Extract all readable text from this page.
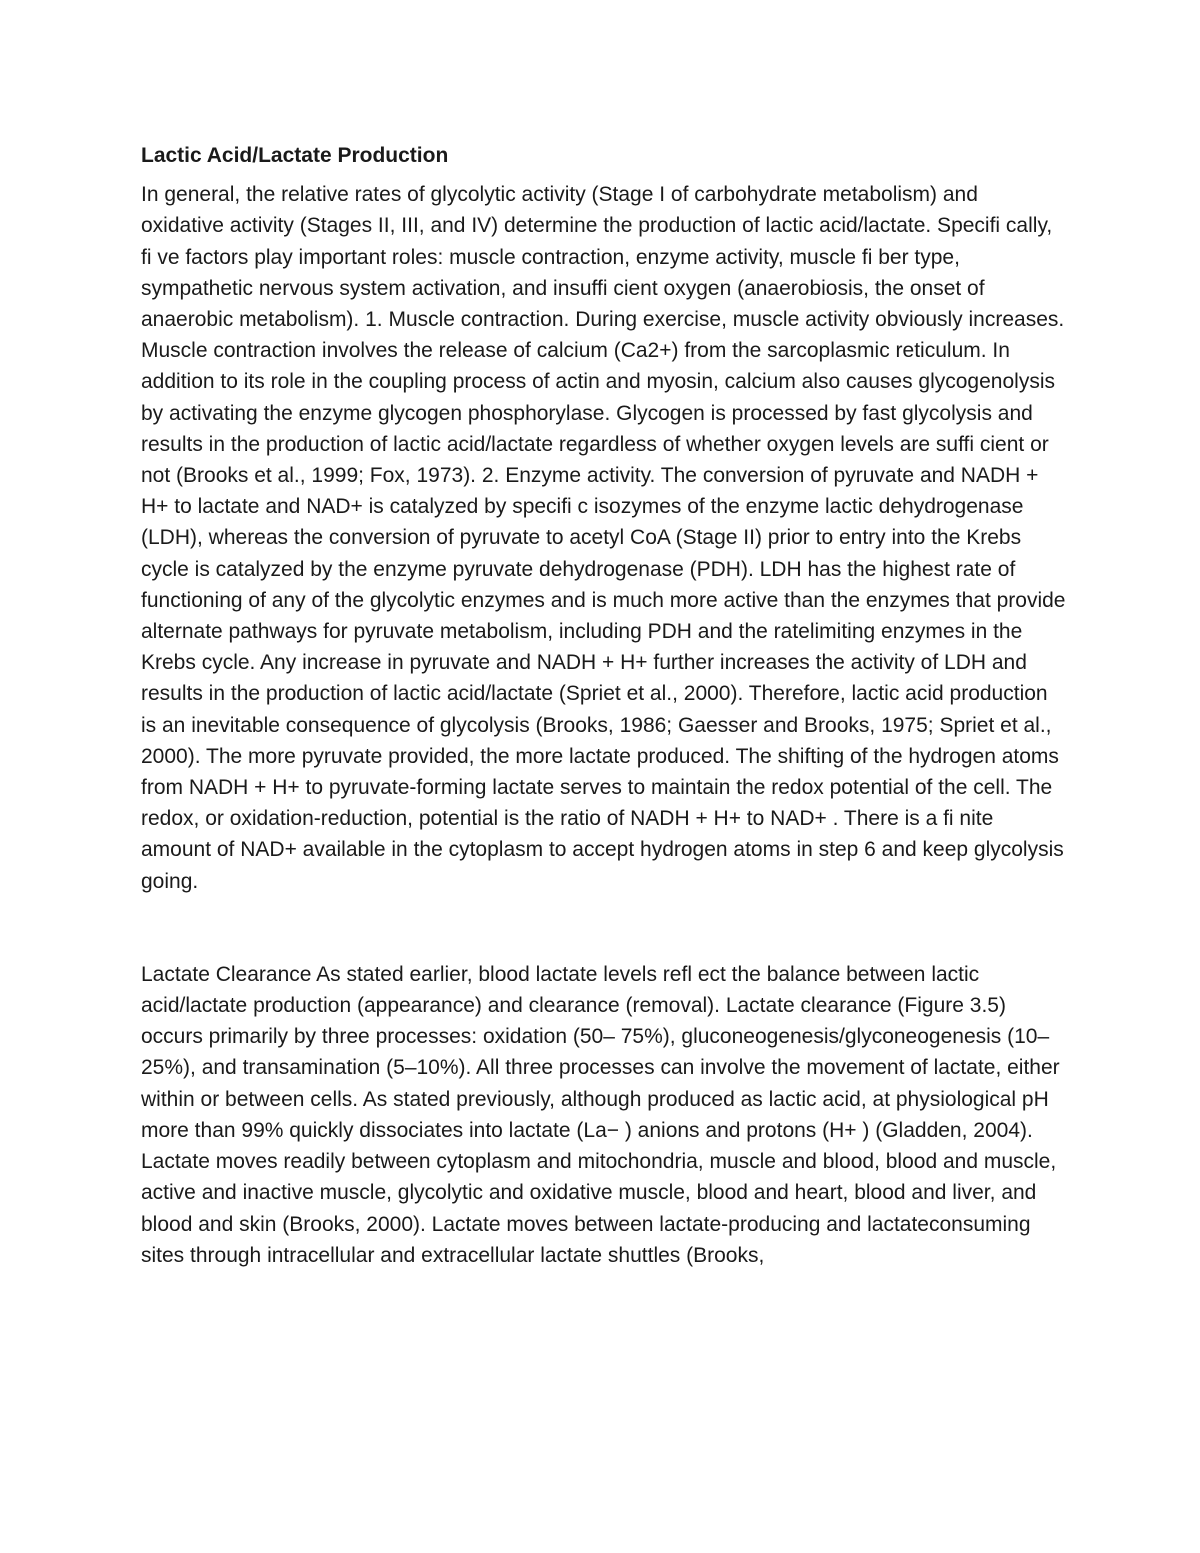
Lactic Acid/Lactate Production

In general, the relative rates of glycolytic activity (Stage I of carbohydrate metabolism) and oxidative activity (Stages II, III, and IV) determine the production of lactic acid/lactate. Specifi cally, fi ve factors play important roles: muscle contraction, enzyme activity, muscle fi ber type, sympathetic nervous system activation, and insuffi cient oxygen (anaerobiosis, the onset of anaerobic metabolism). 1. Muscle contraction. During exercise, muscle activity obviously increases. Muscle contraction involves the release of calcium (Ca2+) from the sarcoplasmic reticulum. In addition to its role in the coupling process of actin and myosin, calcium also causes glycogenolysis by activating the enzyme glycogen phosphorylase. Glycogen is processed by fast glycolysis and results in the production of lactic acid/lactate regardless of whether oxygen levels are suffi cient or not (Brooks et al., 1999; Fox, 1973). 2. Enzyme activity. The conversion of pyruvate and NADH + H+ to lactate and NAD+ is catalyzed by specifi c isozymes of the enzyme lactic dehydrogenase (LDH), whereas the conversion of pyruvate to acetyl CoA (Stage II) prior to entry into the Krebs cycle is catalyzed by the enzyme pyruvate dehydrogenase (PDH). LDH has the highest rate of functioning of any of the glycolytic enzymes and is much more active than the enzymes that provide alternate pathways for pyruvate metabolism, including PDH and the ratelimiting enzymes in the Krebs cycle. Any increase in pyruvate and NADH + H+ further increases the activity of LDH and results in the production of lactic acid/lactate (Spriet et al., 2000). Therefore, lactic acid production is an inevitable consequence of glycolysis (Brooks, 1986; Gaesser and Brooks, 1975; Spriet et al., 2000). The more pyruvate provided, the more lactate produced. The shifting of the hydrogen atoms from NADH + H+ to pyruvate-forming lactate serves to maintain the redox potential of the cell. The redox, or oxidation-reduction, potential is the ratio of NADH + H+ to NAD+ . There is a fi nite amount of NAD+ available in the cytoplasm to accept hydrogen atoms in step 6 and keep glycolysis going.

Lactate Clearance As stated earlier, blood lactate levels refl ect the balance between lactic acid/lactate production (appearance) and clearance (removal). Lactate clearance (Figure 3.5) occurs primarily by three processes: oxidation (50– 75%), gluconeogenesis/glyconeogenesis (10–25%), and transamination (5–10%). All three processes can involve the movement of lactate, either within or between cells. As stated previously, although produced as lactic acid, at physiological pH more than 99% quickly dissociates into lactate (La− ) anions and protons (H+ ) (Gladden, 2004). Lactate moves readily between cytoplasm and mitochondria, muscle and blood, blood and muscle, active and inactive muscle, glycolytic and oxidative muscle, blood and heart, blood and liver, and blood and skin (Brooks, 2000). Lactate moves between lactate-producing and lactateconsuming sites through intracellular and extracellular lactate shuttles (Brooks,
